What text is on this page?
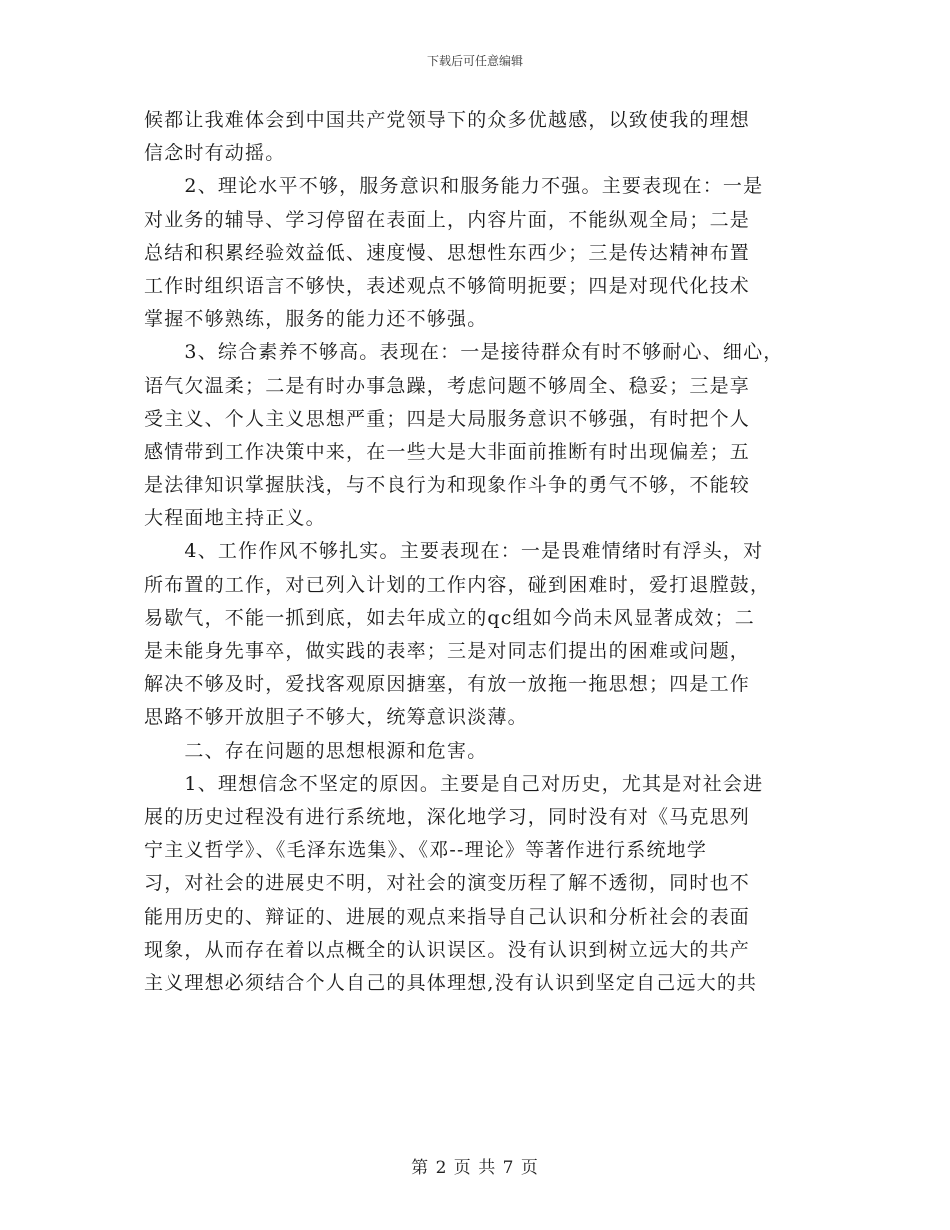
下载后可任意编辑
候都让我难体会到中国共产党领导下的众多优越感，以致使我的理想
信念时有动摇。
　　2、理论水平不够，服务意识和服务能力不强。主要表现在：一是
对业务的辅导、学习停留在表面上，内容片面，不能纵观全局；二是
总结和积累经验效益低、速度慢、思想性东西少；三是传达精神布置
工作时组织语言不够快，表述观点不够简明扼要；四是对现代化技术
掌握不够熟练，服务的能力还不够强。
　　3、综合素养不够高。表现在：一是接待群众有时不够耐心、细心，
语气欠温柔；二是有时办事急躁，考虑问题不够周全、稳妥；三是享
受主义、个人主义思想严重；四是大局服务意识不够强，有时把个人
感情带到工作决策中来，在一些大是大非面前推断有时出现偏差；五
是法律知识掌握肤浅，与不良行为和现象作斗争的勇气不够，不能较
大程面地主持正义。
　　4、工作作风不够扎实。主要表现在：一是畏难情绪时有浮头，对
所布置的工作，对已列入计划的工作内容，碰到困难时，爱打退膛鼓，
易歇气，不能一抓到底，如去年成立的qc组如今尚未风显著成效；二
是未能身先事卒，做实践的表率；三是对同志们提出的困难或问题，
解决不够及时，爱找客观原因搪塞，有放一放拖一拖思想；四是工作
思路不够开放胆子不够大，统筹意识淡薄。
　　二、存在问题的思想根源和危害。
　　1、理想信念不坚定的原因。主要是自己对历史，尤其是对社会进
展的历史过程没有进行系统地，深化地学习，同时没有对《马克思列
宁主义哲学》、《毛泽东选集》、《邓--理论》等著作进行系统地学
习，对社会的进展史不明，对社会的演变历程了解不透彻，同时也不
能用历史的、辩证的、进展的观点来指导自己认识和分析社会的表面
现象，从而存在着以点概全的认识误区。没有认识到树立远大的共产
主义理想必须结合个人自己的具体理想,没有认识到坚定自己远大的共
第 2 页 共 7 页
